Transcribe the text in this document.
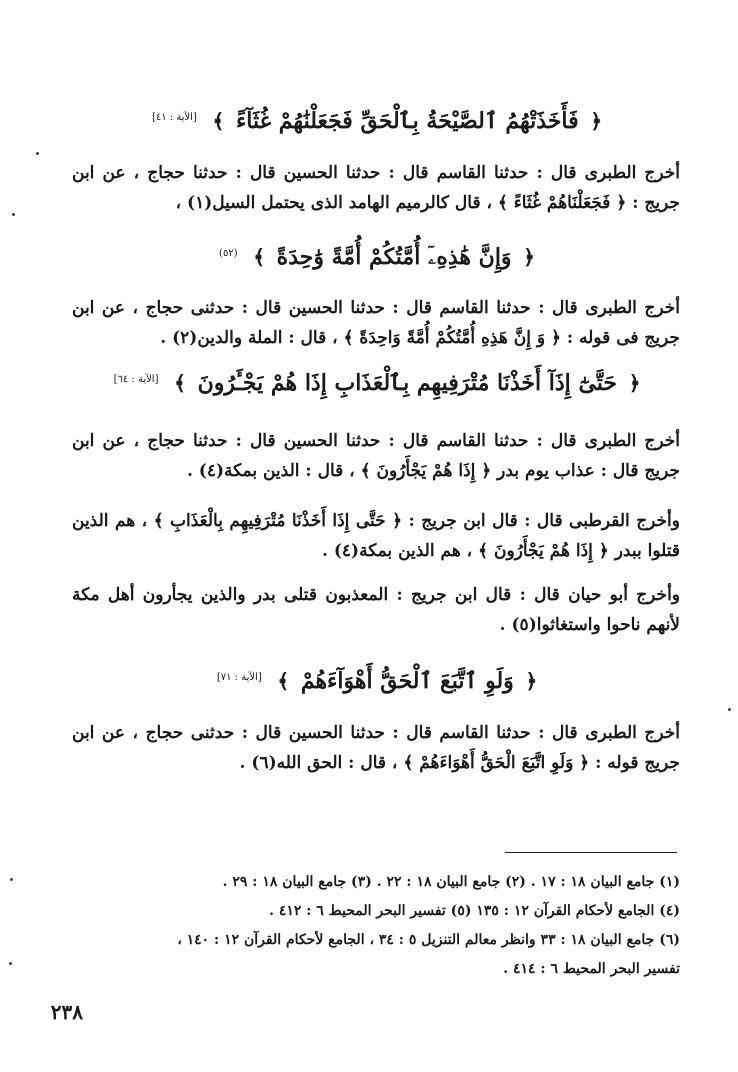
﴿ فَأَخَذَتْهُمُ ٱلصَّيْحَةُ بِٱلْحَقِّ فَجَعَلْنَٰهُمْ غُثَآءً ﴾ [الآية : ٤١]

أخرج الطبرى قال : حدثنا القاسم قال : حدثنا الحسين قال : حدثنا حجاج ، عن ابن جريج : ﴿ فَجَعَلْنَاهُمْ غُثَاءً ﴾ ، قال كالرميم الهامد الذى يحتمل السيل(١) ،

﴿ وَإِنَّ هَٰذِهِۦٓ أُمَّتُكُمْ أُمَّةً وَٰحِدَةً ﴾ $^{(٥٢)}$

أخرج الطبرى قال : حدثنا القاسم قال : حدثنا الحسين قال : حدثنى حجاج ، عن ابن جريج فى قوله : ﴿ وَ إِنَّ هَذِهِ أُمَّتُكُمْ أُمَّةً وَاحِدَةً ﴾ ، قال : الملة والدين(٢) .

﴿ حَتَّىٰٓ إِذَآ أَخَذْنَا مُتْرَفِيهِم بِٱلْعَذَابِ إِذَا هُمْ يَجْـَٔرُونَ ﴾ [الآية : ٦٤]

أخرج الطبرى قال : حدثنا القاسم قال : حدثنا الحسين قال : حدثنا حجاج ، عن ابن جريج قال : عذاب يوم بدر ﴿ إِذَا هُمْ يَجْأَرُونَ ﴾ ، قال : الذين بمكة(٤) .

وأخرج القرطبى قال : قال ابن جريج : ﴿ حَتَّى إِذَا أَخَذْنَا مُتْرَفِيهِم بِالْعَذَابِ ﴾ ، هم الذين قتلوا ببدر ﴿ إِذَا هُمْ يَجْأَرُونَ ﴾ ، هم الذين بمكة(٤) .

وأخرج أبو حيان قال : قال ابن جريج : المعذبون قتلى بدر والذين يجأرون أهل مكة لأنهم ناحوا واستغاثوا(٥) .

﴿ وَلَوِ ٱتَّبَعَ ٱلْحَقُّ أَهْوَآءَهُمْ ﴾ [الآية : ٧١]

أخرج الطبرى قال : حدثنا القاسم قال : حدثنا الحسين قال : حدثنى حجاج ، عن ابن جريج قوله : ﴿ وَلَوِ اتَّبَعَ الْحَقُّ أَهْوَاءَهُمْ ﴾ ، قال : الحق الله(٦) .

(١) جامع البيان ١٨ : ١٧ . (٢) جامع البيان ١٨ : ٢٢ . (٣) جامع البيان ١٨ : ٢٩ .
(٤) الجامع لأحكام القرآن ١٢ : ١٣٥ (٥) تفسير البحر المحيط ٦ : ٤١٢ .
(٦) جامع البيان ١٨ : ٣٣ وانظر معالم التنزيل ٥ : ٣٤ ، الجامع لأحكام القرآن ١٢ : ١٤٠ ،
تفسير البحر المحيط ٦ : ٤١٤ .
٢٣٨
